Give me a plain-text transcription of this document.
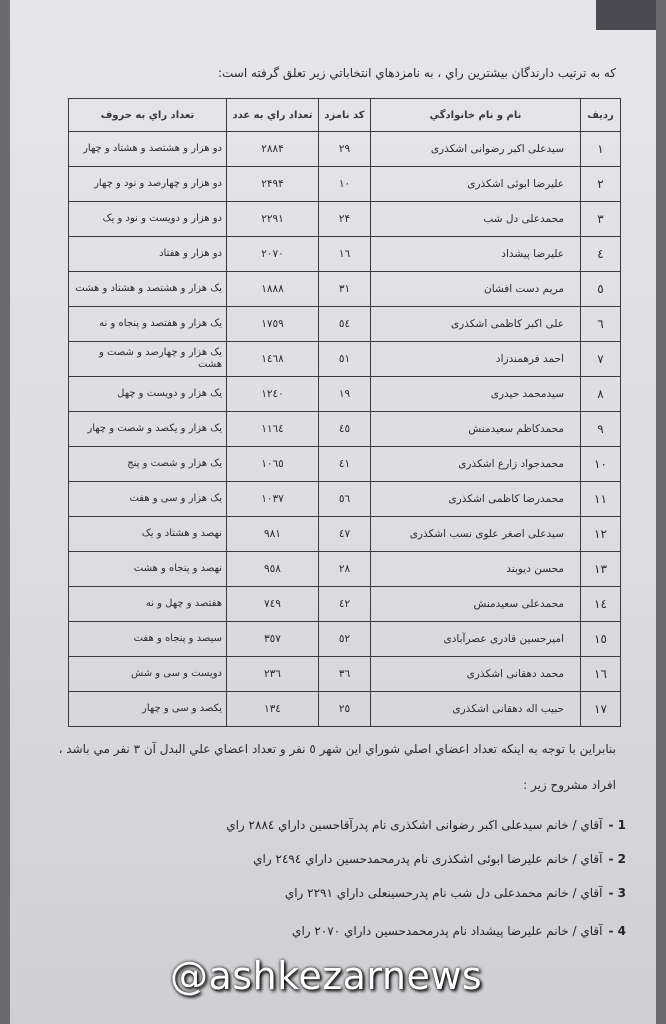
که به ترتيب دارندگان بيشترين راي ، به نامزدهاي انتخاباتي زير تعلق گرفته است:
رديف	نام و نام خانوادگي	كد نامزد	تعداد راي به عدد	تعداد راي به حروف
۱	سیدعلی اکبر رضوانی اشکذری	۲۹	۲۸۸۴	دو هزار و هشتصد و هشتاد و چهار
۲	علیرضا ابوئی اشکذری	۱۰	۲۴۹۴	دو هزار و چهارصد و نود و چهار
۳	محمدعلی دل شب	۲۴	۲۲۹۱	دو هزار و دویست و نود و یک
٤	علیرضا پیشداد	۱٦	۲۰۷۰	دو هزار و هفتاد
٥	مریم دست افشان	۳۱	۱۸۸۸	یک هزار و هشتصد و هشتاد و هشت
٦	علی اکبر کاظمی اشکذری	٥٤	۱۷٥۹	یک هزار و هفتصد و پنجاه و نه
۷	احمد فرهمندزاد	٥۱	۱٤٦۸	یک هزار و چهارصد و شصت و هشت
۸	سیدمحمد حیدری	۱۹	۱۲٤۰	یک هزار و دویست و چهل
۹	محمدکاظم سعیدمنش	٤٥	۱۱٦٤	یک هزار و یکصد و شصت و چهار
۱۰	محمدجواد زارع اشکذری	٤۱	۱۰٦٥	یک هزار و شصت و پنج
۱۱	محمدرضا کاظمی اشکذری	٥٦	۱۰۳۷	یک هزار و سی و هفت
۱۲	سیدعلی اصغر علوی نسب اشکذری	٤۷	۹۸۱	نهصد و هشتاد و یک
۱۳	محسن دیوبند	۲۸	۹٥۸	نهصد و پنجاه و هشت
۱٤	محمدعلی سعیدمنش	٤۲	۷٤۹	هفتصد و چهل و نه
۱٥	امیرحسین قادری عصرآبادی	٥۲	۳٥۷	سیصد و پنجاه و هفت
۱٦	محمد دهقانی اشکذری	۳٦	۲۳٦	دویست و سی و شش
۱۷	حبیب اله دهقانی اشکذری	۲٥	۱۳٤	یکصد و سی و چهار
بنابراين با توجه به اينكه تعداد اعضاي اصلي شوراي اين شهر ٥ نفر و تعداد اعضاي علي البدل آن ۳ نفر مي باشد ،
افراد مشروح زير :
1 -آقاي / خانم سیدعلی اکبر رضوانی اشکذری نام پدرآقاحسین داراي ۲۸۸٤ راي
2 -آقاي / خانم علیرضا ابوئی اشکذری نام پدرمحمدحسین داراي ۲٤۹٤ راي
3 -آقاي / خانم محمدعلی دل شب نام پدرحسینعلی داراي ۲۲۹۱ راي
4 -آقاي / خانم علیرضا پیشداد نام پدرمحمدحسین داراي ۲۰۷۰ راي
@ashkezarnews
